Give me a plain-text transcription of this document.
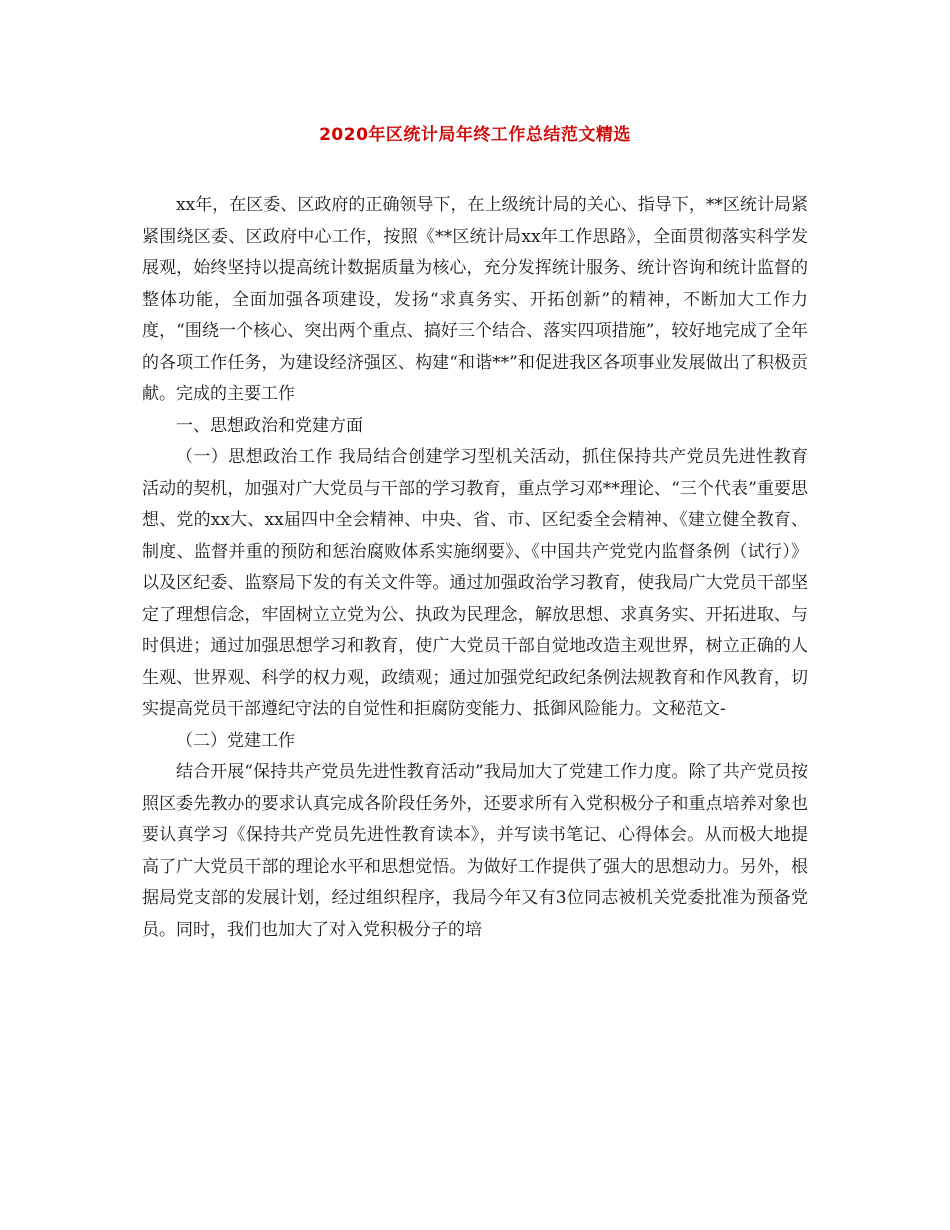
2020年区统计局年终工作总结范文精选

xx年，在区委、区政府的正确领导下，在上级统计局的关心、指导下，**区统计局紧紧围绕区委、区政府中心工作，按照《**区统计局xx年工作思路》，全面贯彻落实科学发展观，始终坚持以提高统计数据质量为核心，充分发挥统计服务、统计咨询和统计监督的整体功能，全面加强各项建设，发扬“求真务实、开拓创新”的精神，不断加大工作力度，“围绕一个核心、突出两个重点、搞好三个结合、落实四项措施”，较好地完成了全年的各项工作任务，为建设经济强区、构建“和谐**”和促进我区各项事业发展做出了积极贡献。完成的主要工作

一、思想政治和党建方面

（一）思想政治工作 我局结合创建学习型机关活动，抓住保持共产党员先进性教育活动的契机，加强对广大党员与干部的学习教育，重点学习邓**理论、“三个代表”重要思想、党的xx大、xx届四中全会精神、中央、省、市、区纪委全会精神、《建立健全教育、制度、监督并重的预防和惩治腐败体系实施纲要》、《中国共产党党内监督条例（试行）》以及区纪委、监察局下发的有关文件等。通过加强政治学习教育，使我局广大党员干部坚定了理想信念，牢固树立立党为公、执政为民理念，解放思想、求真务实、开拓进取、与时俱进；通过加强思想学习和教育，使广大党员干部自觉地改造主观世界，树立正确的人生观、世界观、科学的权力观，政绩观；通过加强党纪政纪条例法规教育和作风教育，切实提高党员干部遵纪守法的自觉性和拒腐防变能力、抵御风险能力。文秘范文-

（二）党建工作

结合开展“保持共产党员先进性教育活动”我局加大了党建工作力度。除了共产党员按照区委先教办的要求认真完成各阶段任务外，还要求所有入党积极分子和重点培养对象也要认真学习《保持共产党员先进性教育读本》，并写读书笔记、心得体会。从而极大地提高了广大党员干部的理论水平和思想觉悟。为做好工作提供了强大的思想动力。另外，根据局党支部的发展计划，经过组织程序，我局今年又有3位同志被机关党委批准为预备党员。同时，我们也加大了对入党积极分子的培
